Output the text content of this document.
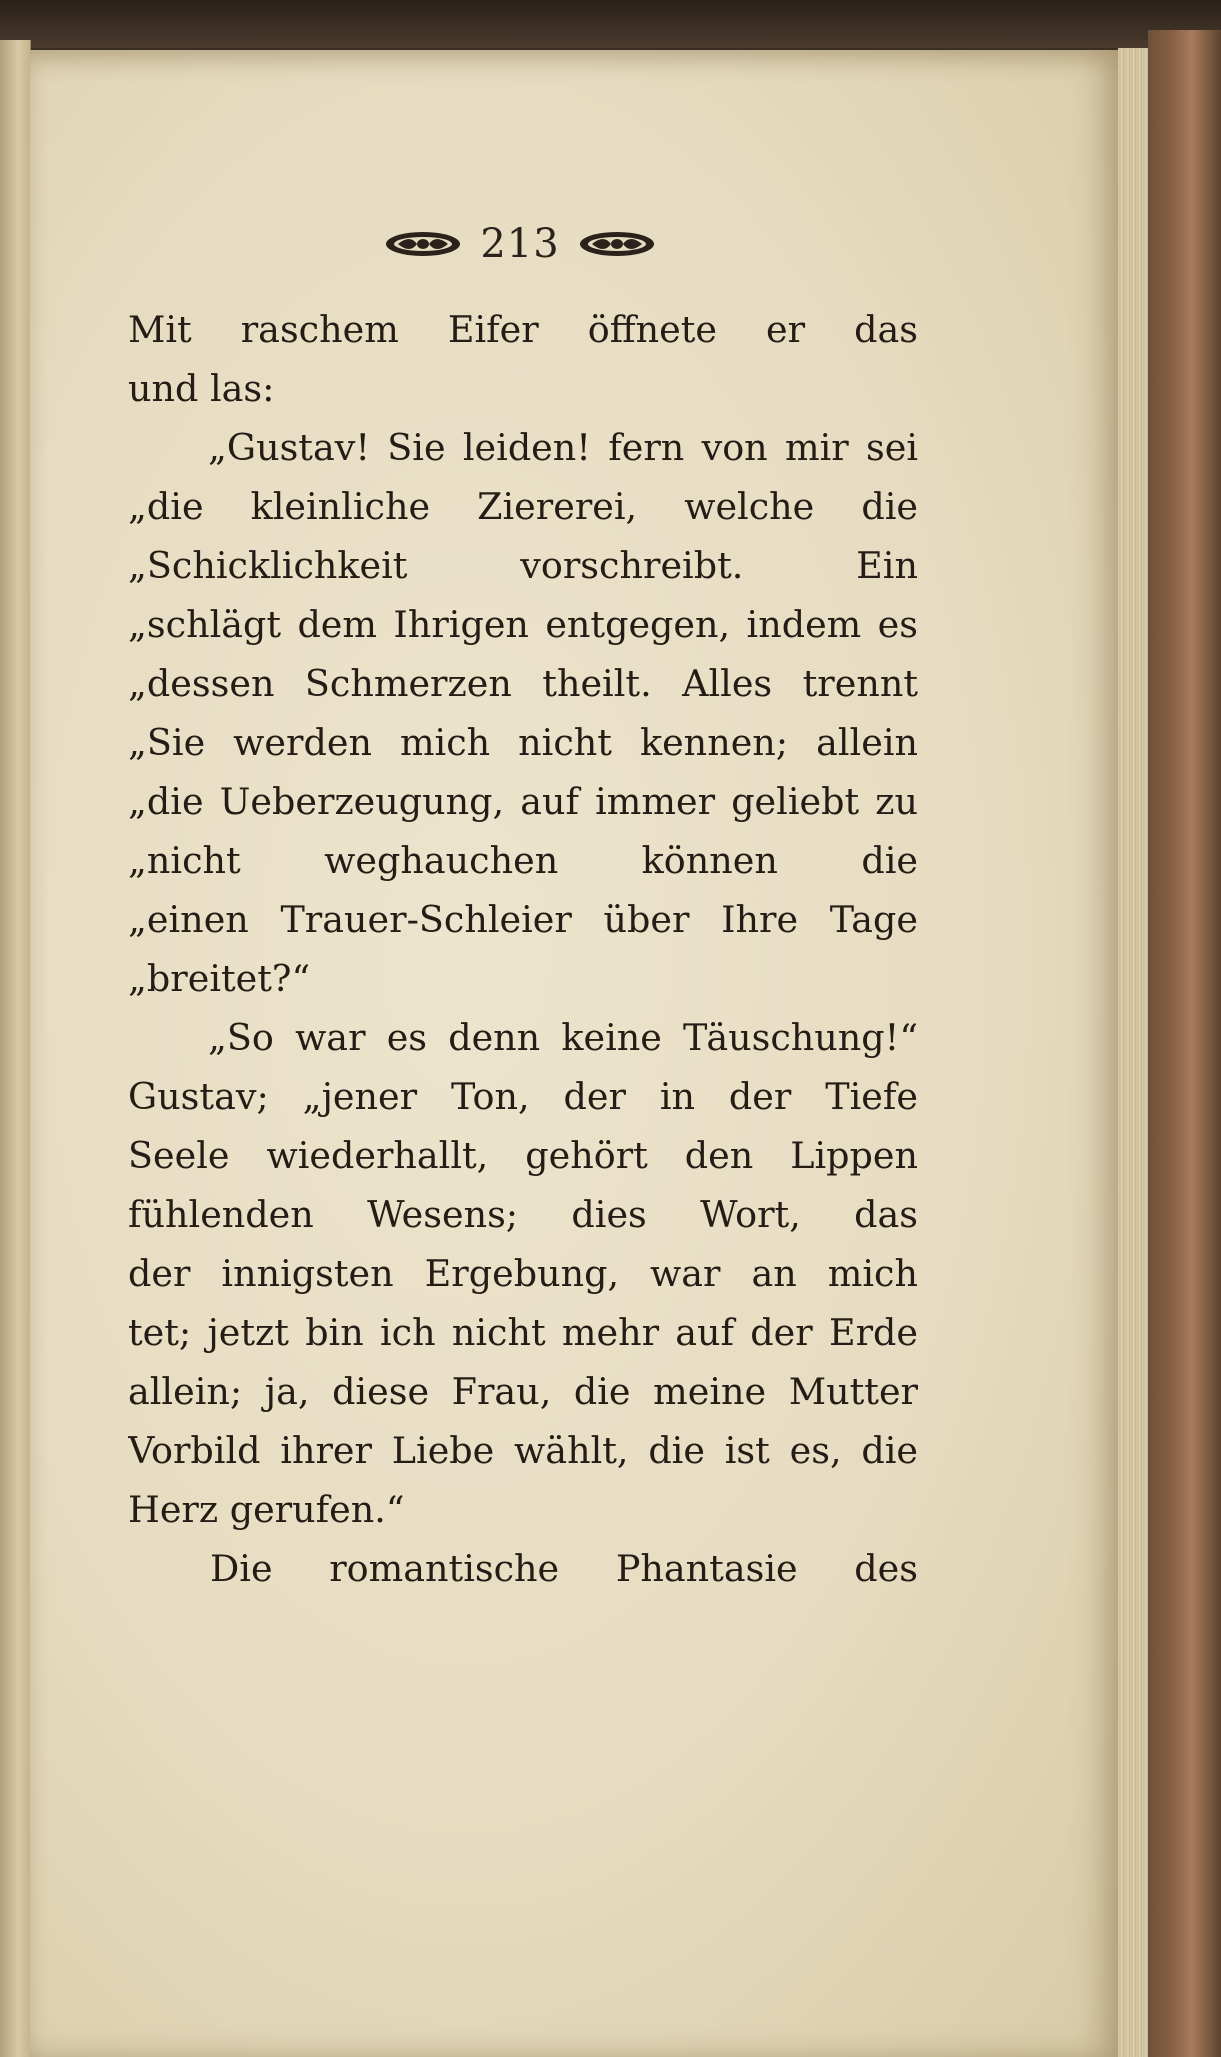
213
Mit raschem Eifer öffnete er das
und las:
„Gustav! Sie leiden! fern von mir sei
„die kleinliche Ziererei, welche die
„Schicklichkeit vorschreibt. Ein
„schlägt dem Ihrigen entgegen, indem es
„dessen Schmerzen theilt. Alles trennt
„Sie werden mich nicht kennen; allein
„die Ueberzeugung, auf immer geliebt zu
„nicht weghauchen können die
„einen Trauer-Schleier über Ihre Tage
„breitet?“
„So war es denn keine Täuschung!“
Gustav; „jener Ton, der in der Tiefe
Seele wiederhallt, gehört den Lippen
fühlenden Wesens; dies Wort, das
der innigsten Ergebung, war an mich
tet; jetzt bin ich nicht mehr auf der Erde
allein; ja, diese Frau, die meine Mutter
Vorbild ihrer Liebe wählt, die ist es, die
Herz gerufen.“
Die romantische Phantasie des
